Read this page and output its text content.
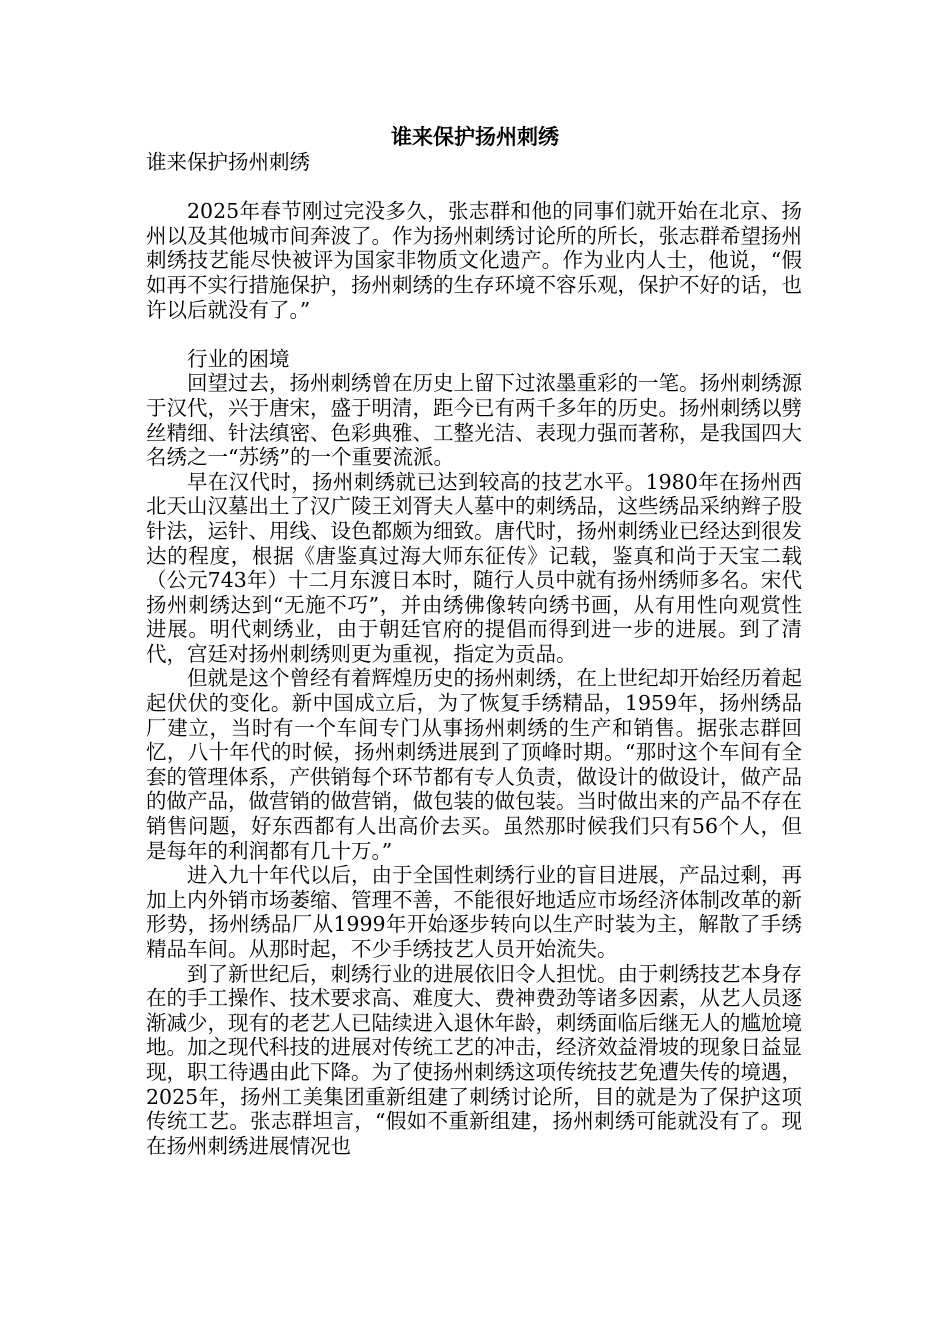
谁来保护扬州刺绣

谁来保护扬州刺绣

2025年春节刚过完没多久，张志群和他的同事们就开始在北京、扬州以及其他城市间奔波了。作为扬州刺绣讨论所的所长，张志群希望扬州刺绣技艺能尽快被评为国家非物质文化遗产。作为业内人士，他说，“假如再不实行措施保护，扬州刺绣的生存环境不容乐观，保护不好的话，也许以后就没有了。”

行业的困境

回望过去，扬州刺绣曾在历史上留下过浓墨重彩的一笔。扬州刺绣源于汉代，兴于唐宋，盛于明清，距今已有两千多年的历史。扬州刺绣以劈丝精细、针法缜密、色彩典雅、工整光洁、表现力强而著称，是我国四大名绣之一“苏绣”的一个重要流派。

早在汉代时，扬州刺绣就已达到较高的技艺水平。1980年在扬州西北天山汉墓出土了汉广陵王刘胥夫人墓中的刺绣品，这些绣品采纳辫子股针法，运针、用线、设色都颇为细致。唐代时，扬州刺绣业已经达到很发达的程度，根据《唐鉴真过海大师东征传》记载，鉴真和尚于天宝二载（公元743年）十二月东渡日本时，随行人员中就有扬州绣师多名。宋代扬州刺绣达到“无施不巧”，并由绣佛像转向绣书画，从有用性向观赏性进展。明代刺绣业，由于朝廷官府的提倡而得到进一步的进展。到了清代，宫廷对扬州刺绣则更为重视，指定为贡品。

但就是这个曾经有着辉煌历史的扬州刺绣，在上世纪却开始经历着起起伏伏的变化。新中国成立后，为了恢复手绣精品，1959年，扬州绣品厂建立，当时有一个车间专门从事扬州刺绣的生产和销售。据张志群回忆，八十年代的时候，扬州刺绣进展到了顶峰时期。“那时这个车间有全套的管理体系，产供销每个环节都有专人负责，做设计的做设计，做产品的做产品，做营销的做营销，做包装的做包装。当时做出来的产品不存在销售问题，好东西都有人出高价去买。虽然那时候我们只有56个人，但是每年的利润都有几十万。”

进入九十年代以后，由于全国性刺绣行业的盲目进展，产品过剩，再加上内外销市场萎缩、管理不善，不能很好地适应市场经济体制改革的新形势，扬州绣品厂从1999年开始逐步转向以生产时装为主，解散了手绣精品车间。从那时起，不少手绣技艺人员开始流失。

到了新世纪后，刺绣行业的进展依旧令人担忧。由于刺绣技艺本身存在的手工操作、技术要求高、难度大、费神费劲等诸多因素，从艺人员逐渐减少，现有的老艺人已陆续进入退休年龄，刺绣面临后继无人的尴尬境地。加之现代科技的进展对传统工艺的冲击，经济效益滑坡的现象日益显现，职工待遇由此下降。为了使扬州刺绣这项传统技艺免遭失传的境遇，2025年，扬州工美集团重新组建了刺绣讨论所，目的就是为了保护这项传统工艺。张志群坦言，“假如不重新组建，扬州刺绣可能就没有了。现在扬州刺绣进展情况也
